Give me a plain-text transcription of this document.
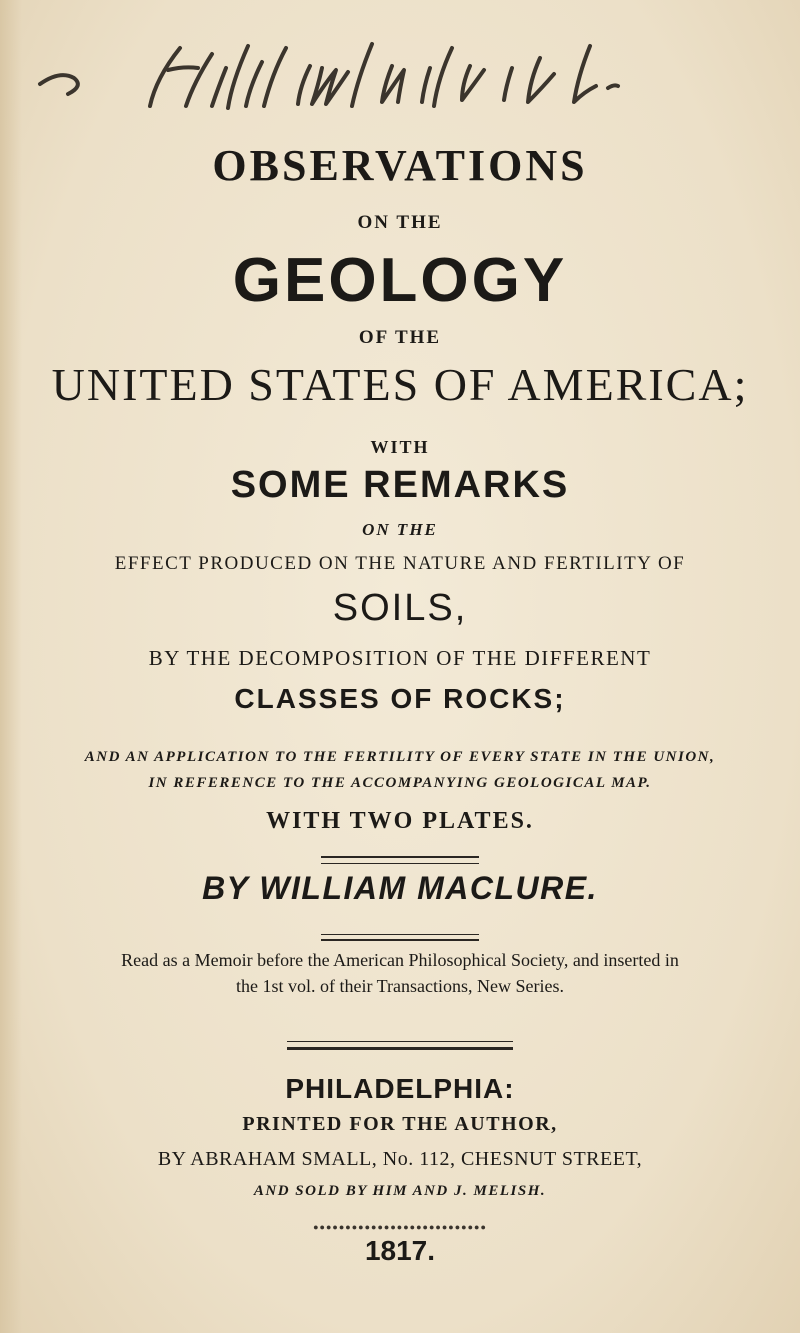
OBSERVATIONS
ON THE
GEOLOGY
OF THE
UNITED STATES OF AMERICA;
WITH
SOME REMARKS
ON THE
EFFECT PRODUCED ON THE NATURE AND FERTILITY OF
SOILS,
BY THE DECOMPOSITION OF THE DIFFERENT
CLASSES OF ROCKS;
AND AN APPLICATION TO THE FERTILITY OF EVERY STATE IN THE UNION,
IN REFERENCE TO THE ACCOMPANYING GEOLOGICAL MAP.
WITH TWO PLATES.
BY WILLIAM MACLURE.
Read as a Memoir before the American Philosophical Society, and inserted in
the 1st vol. of their Transactions, New Series.
PHILADELPHIA:
PRINTED FOR THE AUTHOR,
BY ABRAHAM SMALL, No. 112, CHESNUT STREET,
AND SOLD BY HIM AND J. MELISH.
●●●●●●●●●●●●●●●●●●●●●●●●●●●
1817.
